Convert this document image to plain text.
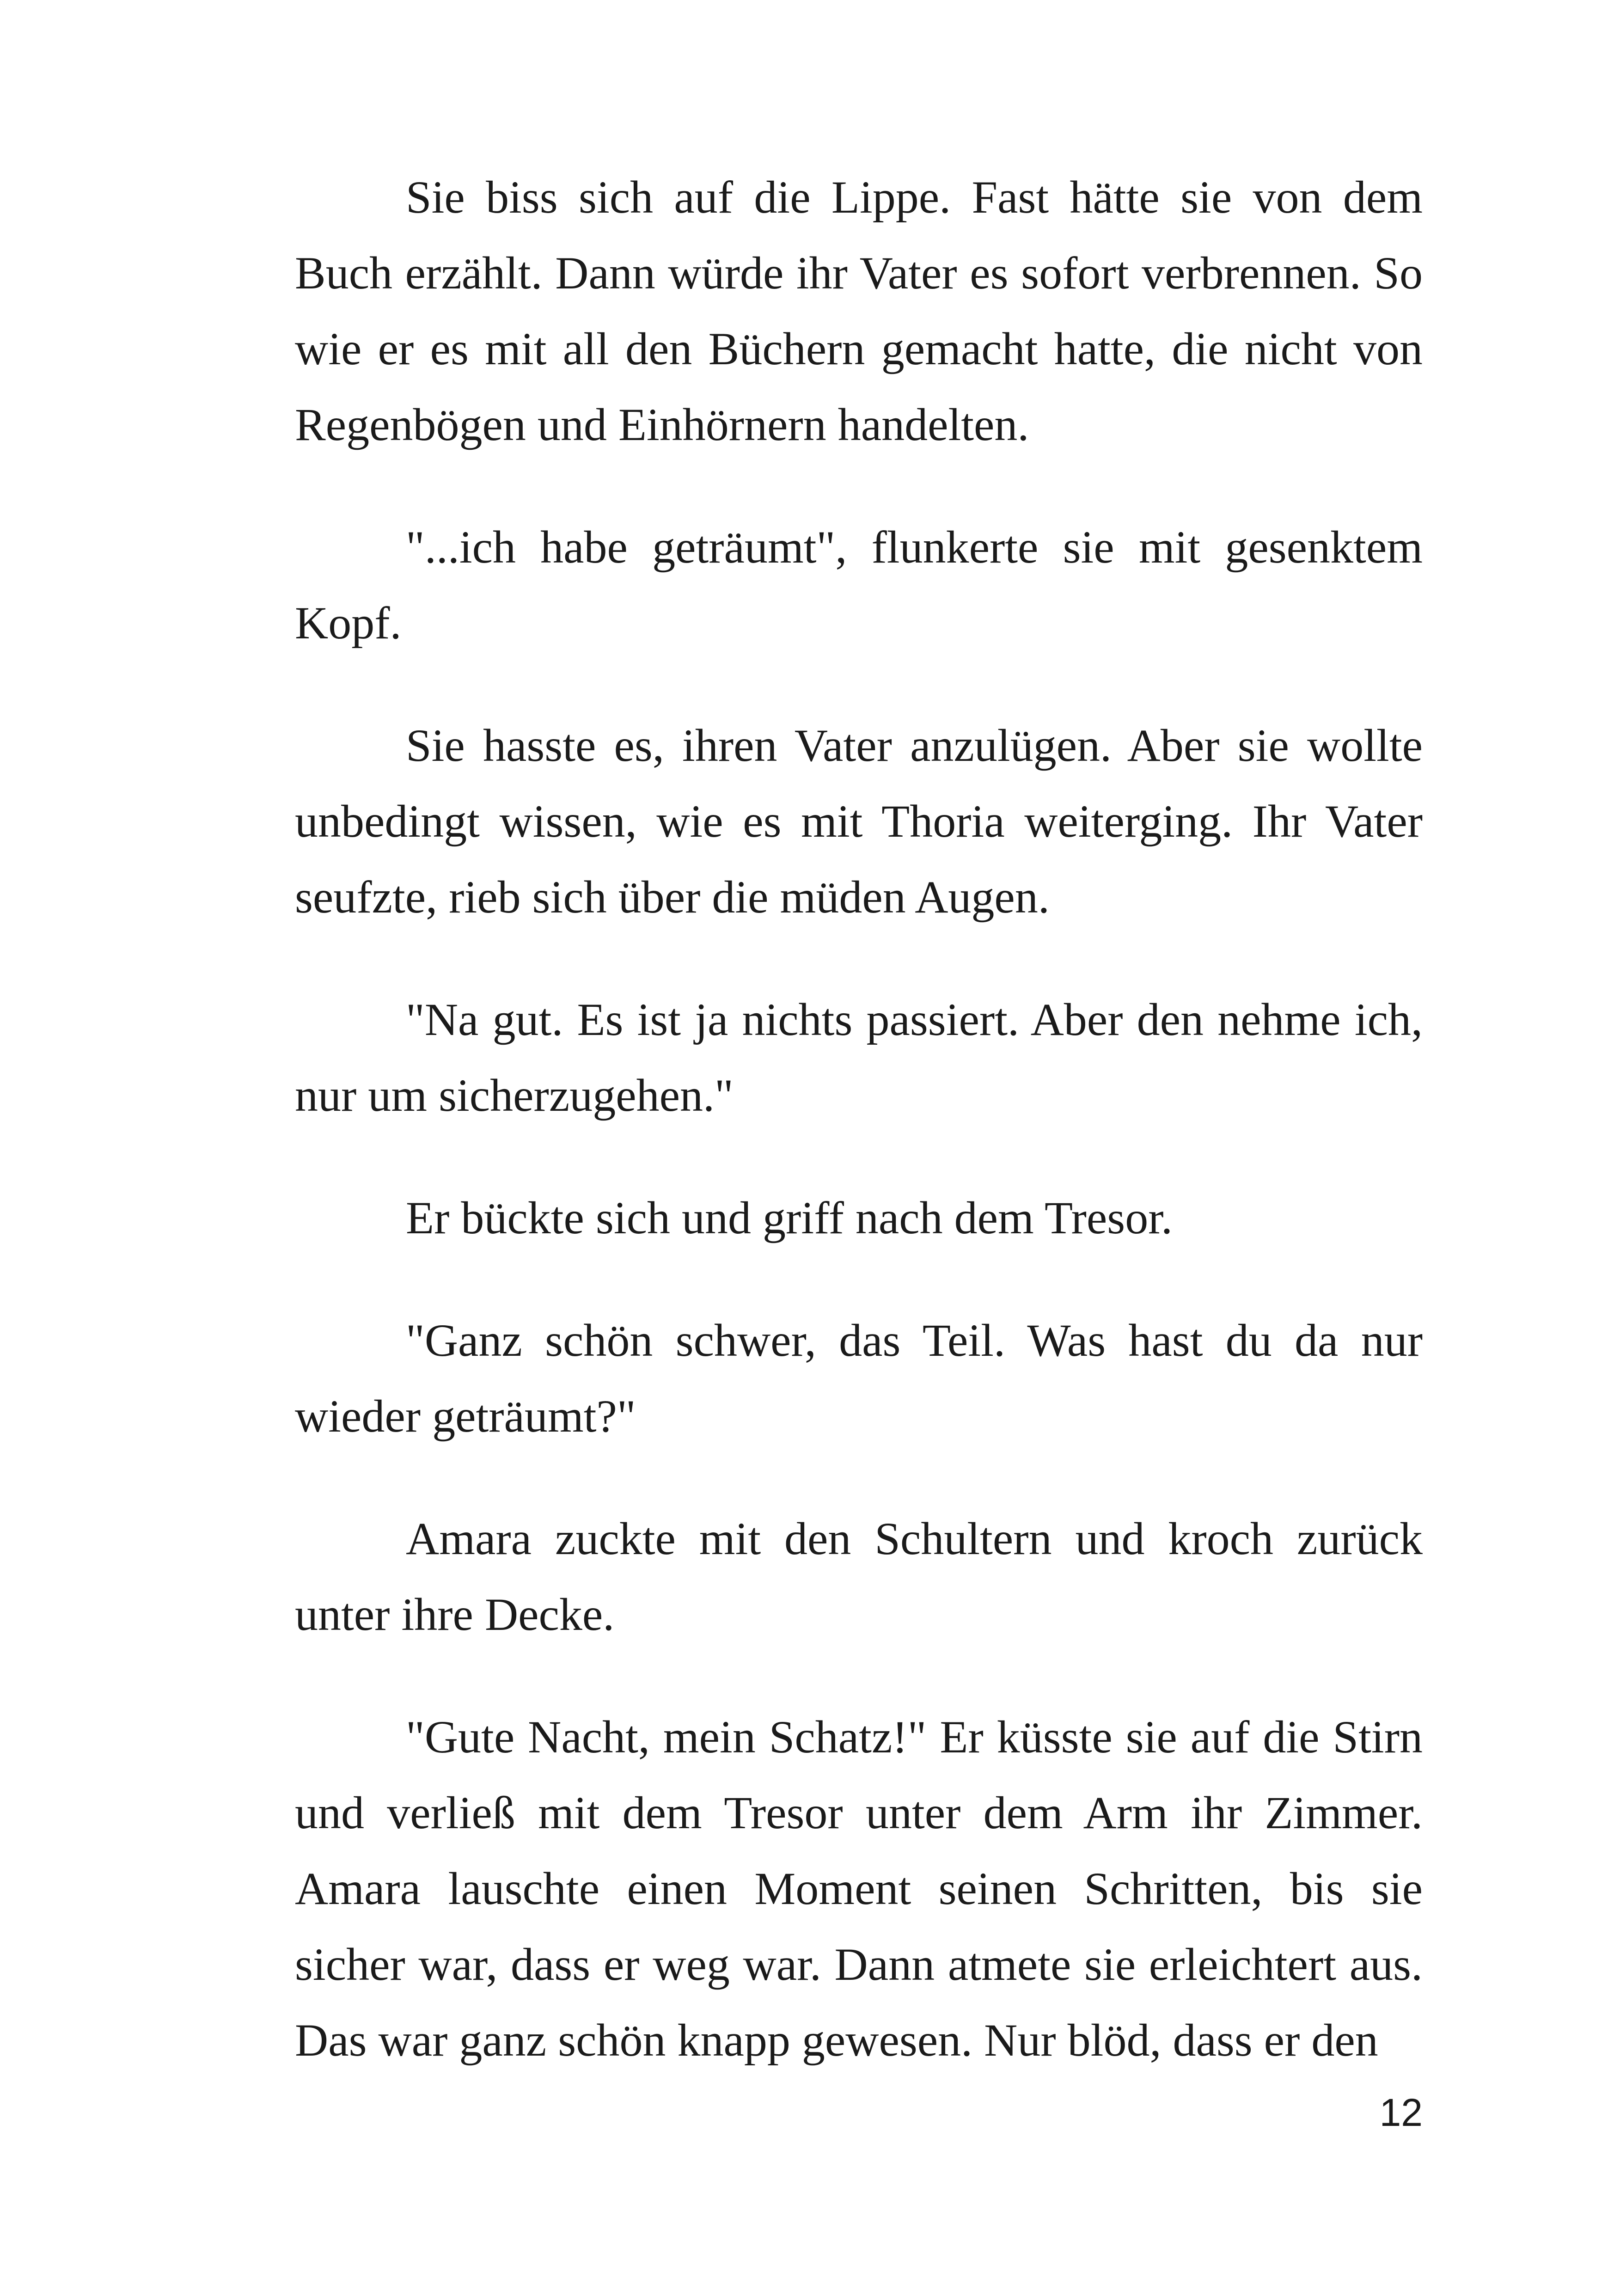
Sie biss sich auf die Lippe. Fast hätte sie von dem Buch erzählt. Dann würde ihr Vater es sofort verbrennen. So wie er es mit all den Büchern gemacht hatte, die nicht von Regenbögen und Einhörnern handelten.

"...ich habe geträumt", flunkerte sie mit gesenktem Kopf.

Sie hasste es, ihren Vater anzulügen. Aber sie wollte unbedingt wissen, wie es mit Thoria weiterging. Ihr Vater seufzte, rieb sich über die müden Augen.

"Na gut. Es ist ja nichts passiert. Aber den nehme ich, nur um sicherzugehen."

Er bückte sich und griff nach dem Tresor.

"Ganz schön schwer, das Teil. Was hast du da nur wieder geträumt?"

Amara zuckte mit den Schultern und kroch zurück unter ihre Decke.

"Gute Nacht, mein Schatz!" Er küsste sie auf die Stirn und verließ mit dem Tresor unter dem Arm ihr Zimmer. Amara lauschte einen Moment seinen Schritten, bis sie sicher war, dass er weg war. Dann atmete sie erleichtert aus. Das war ganz schön knapp gewesen. Nur blöd, dass er den

12
